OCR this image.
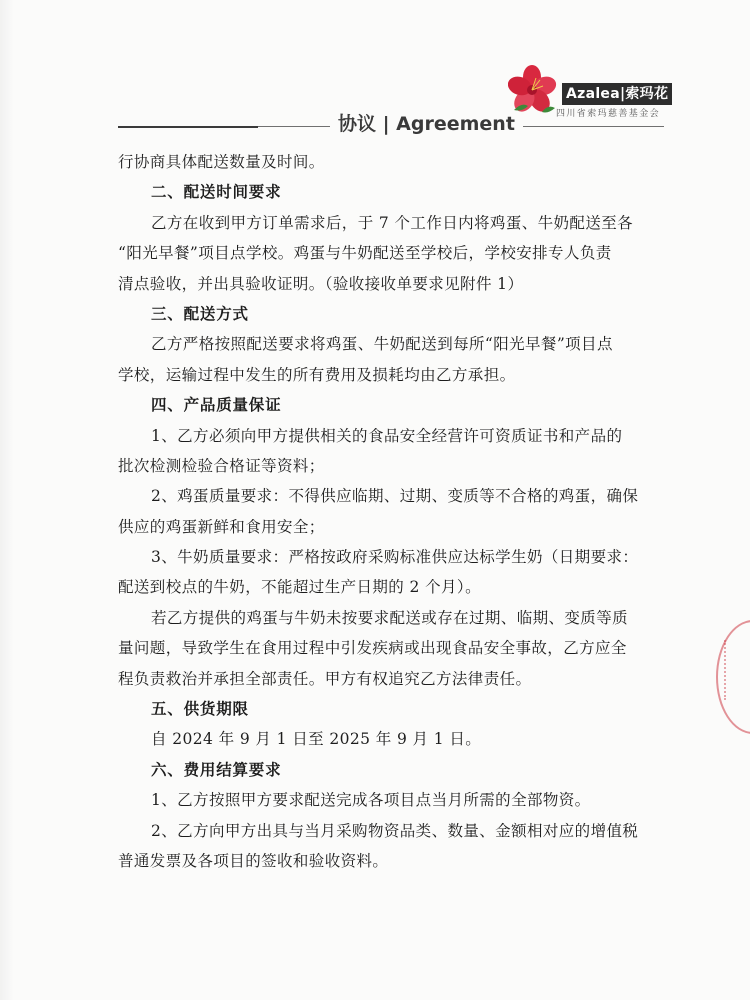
协议 | Agreement
Azalea|索玛花
四川省索玛慈善基金会
行协商具体配送数量及时间。
二、配送时间要求
乙方在收到甲方订单需求后，于 7 个工作日内将鸡蛋、牛奶配送至各
“阳光早餐”项目点学校。鸡蛋与牛奶配送至学校后，学校安排专人负责
清点验收，并出具验收证明。（验收接收单要求见附件 1）
三、配送方式
乙方严格按照配送要求将鸡蛋、牛奶配送到每所“阳光早餐”项目点
学校，运输过程中发生的所有费用及损耗均由乙方承担。
四、产品质量保证
1、乙方必须向甲方提供相关的食品安全经营许可资质证书和产品的
批次检测检验合格证等资料；
2、鸡蛋质量要求：不得供应临期、过期、变质等不合格的鸡蛋，确保
供应的鸡蛋新鲜和食用安全；
3、牛奶质量要求：严格按政府采购标准供应达标学生奶（日期要求：
配送到校点的牛奶，不能超过生产日期的 2 个月）。
若乙方提供的鸡蛋与牛奶未按要求配送或存在过期、临期、变质等质
量问题，导致学生在食用过程中引发疾病或出现食品安全事故，乙方应全
程负责救治并承担全部责任。甲方有权追究乙方法律责任。
五、供货期限
自 2024 年 9 月 1 日至 2025 年 9 月 1 日。
六、费用结算要求
1、乙方按照甲方要求配送完成各项目点当月所需的全部物资。
2、乙方向甲方出具与当月采购物资品类、数量、金额相对应的增值税
普通发票及各项目的签收和验收资料。
